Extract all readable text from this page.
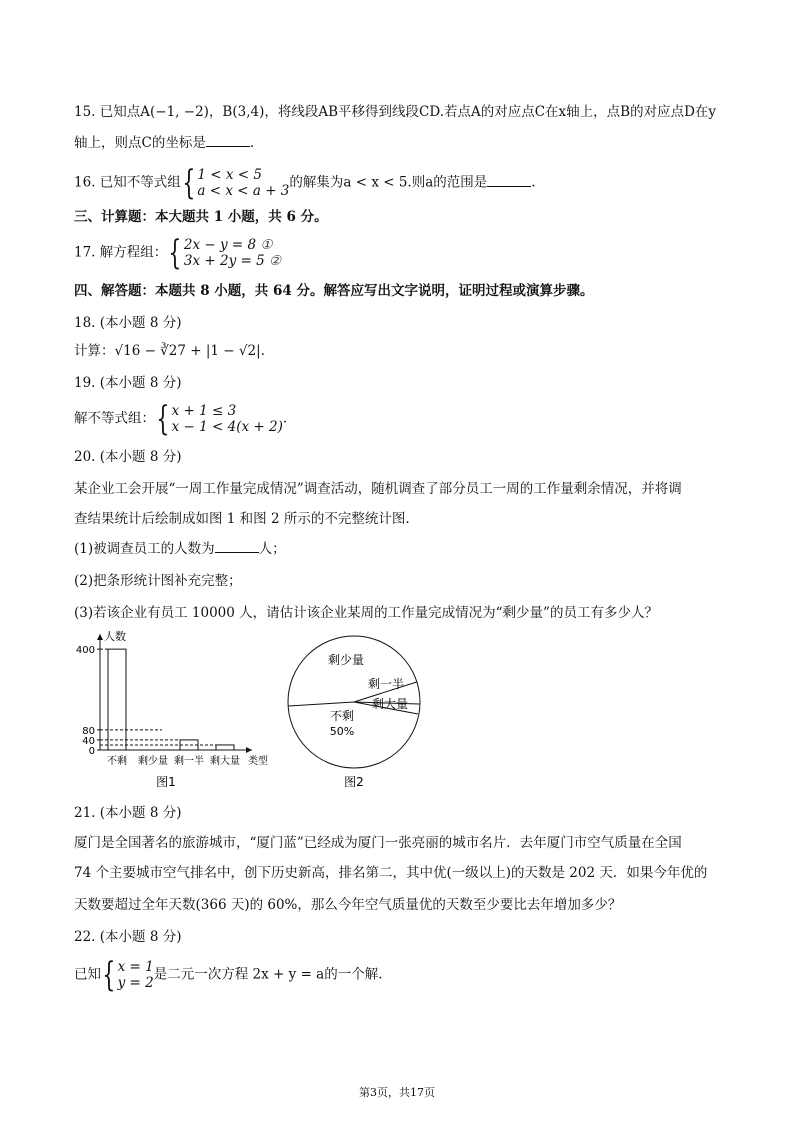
15. 已知点A(−1, −2)，B(3,4)，将线段AB平移得到线段CD.若点A的对应点C在x轴上，点B的对应点D在y
轴上，则点C的坐标是	.
16. 已知不等式组 { 1 < x < 5
a < x < a + 3
的解集为a < x < 5.则a的范围是	.
三、计算题：本大题共 1 小题，共 6 分。
17. 解方程组： { 2x − y = 8 ①
3x + 2y = 5 ②
四、解答题：本题共 8 小题，共 64 分。解答应写出文字说明，证明过程或演算步骤。
18. (本小题 8 分)
计算：√16 − ∛27 + |1 − √2|.
19. (本小题 8 分)
解不等式组： { x + 1 ≤ 3
x − 1 < 4(x + 2)
.
20. (本小题 8 分)
某企业工会开展“一周工作量完成情况”调查活动，随机调查了部分员工一周的工作量剩余情况，并将调
查结果统计后绘制成如图 1 和图 2 所示的不完整统计图.
(1)被调查员工的人数为	人；
(2)把条形统计图补充完整；
(3)若该企业有员工 10000 人，请估计该企业某周的工作量完成情况为“剩少量”的员工有多少人？
人数
类型
400
80
40
0
不剩 剩少量 剩一半 剩大量
图1
剩少量
剩一半
剩大量
不剩
50%
图2
21. (本小题 8 分)
厦门是全国著名的旅游城市，“厦门蓝”已经成为厦门一张亮丽的城市名片．去年厦门市空气质量在全国
74 个主要城市空气排名中，创下历史新高，排名第二，其中优(一级以上)的天数是 202 天．如果今年优的
天数要超过全年天数(366 天)的 60%，那么今年空气质量优的天数至少要比去年增加多少？
22. (本小题 8 分)
已知 { x = 1
y = 2
是二元一次方程 2x + y = a的一个解.
第3页，共17页
